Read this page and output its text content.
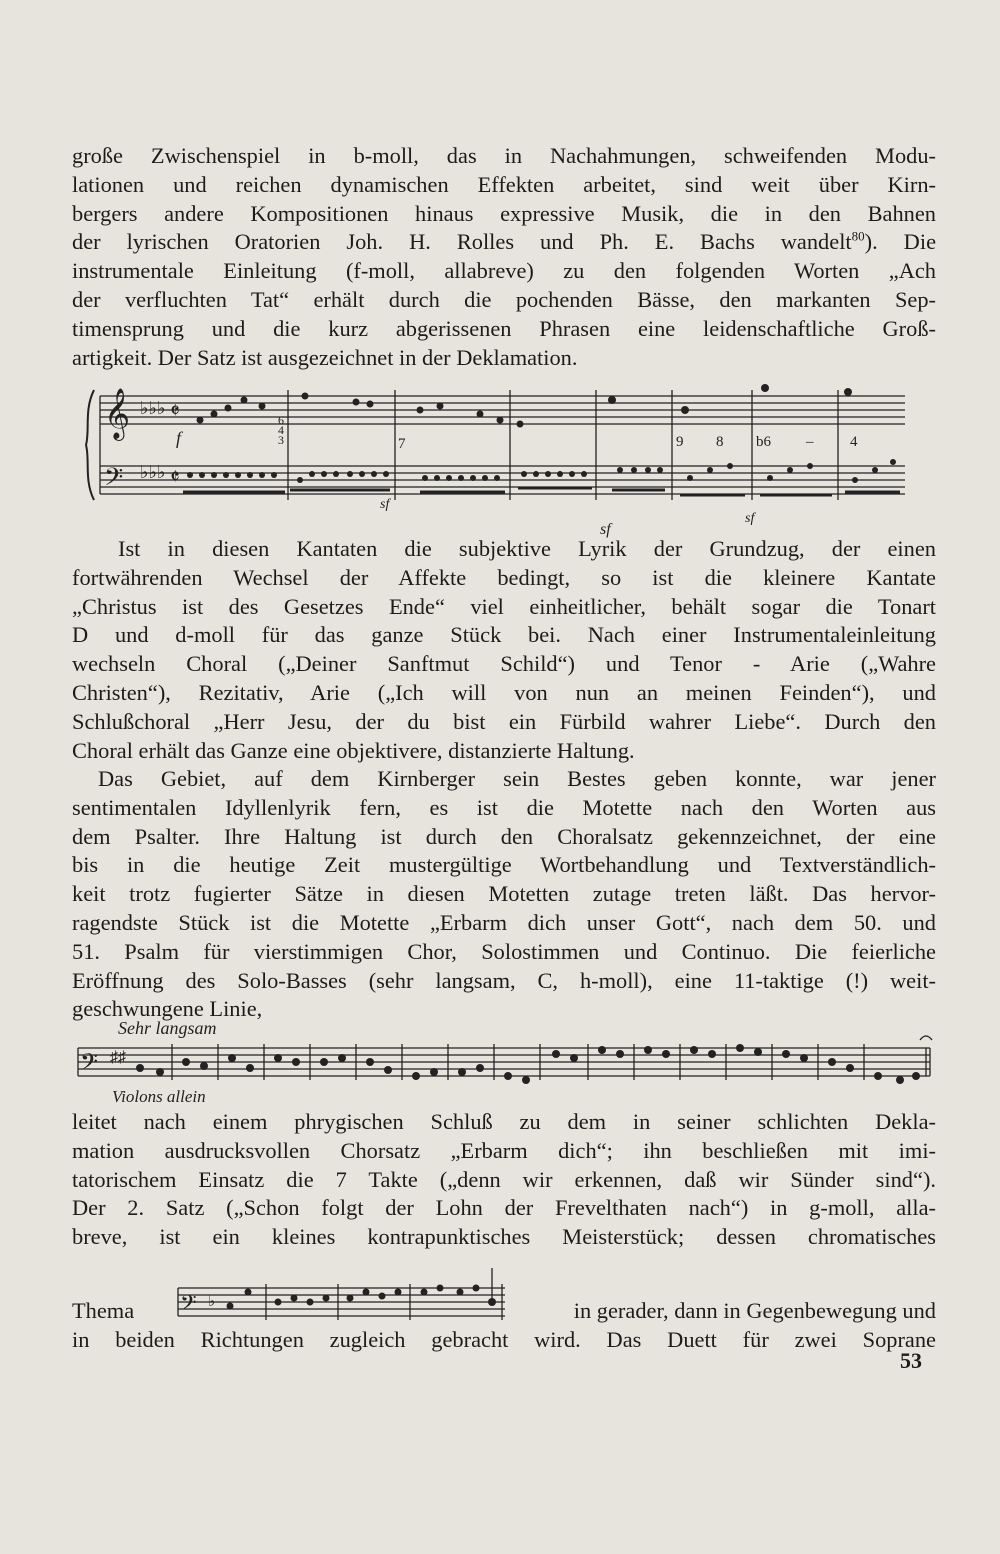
große Zwischenspiel in b-moll, das in Nachahmungen, schweifenden Modu-
lationen und reichen dynamischen Effekten arbeitet, sind weit über Kirn-
bergers andere Kompositionen hinaus expressive Musik, die in den Bahnen
der lyrischen Oratorien Joh. H. Rolles und Ph. E. Bachs wandelt$^{80}$). Die
instrumentale Einleitung (f-moll, allabreve) zu den folgenden Worten „Ach
der verfluchten Tat“ erhält durch die pochenden Bässe, den markanten Sep-
timensprung und die kurz abgerissenen Phrasen eine leidenschaftliche Groß-
artigkeit. Der Satz ist ausgezeichnet in der Deklamation.
𝄞
𝄢
♭♭♭
♭♭♭
𝄵
𝄵
f
sf
sf
sf
7	9 8 b6 – 4
6
4
3
Ist in diesen Kantaten die subjektive Lyrik der Grundzug, der einen
fortwährenden Wechsel der Affekte bedingt, so ist die kleinere Kantate
„Christus ist des Gesetzes Ende“ viel einheitlicher, behält sogar die Tonart
D und d-moll für das ganze Stück bei. Nach einer Instrumentaleinleitung
wechseln Choral („Deiner Sanftmut Schild“) und Tenor - Arie („Wahre
Christen“), Rezitativ, Arie („Ich will von nun an meinen Feinden“), und
Schlußchoral „Herr Jesu, der du bist ein Fürbild wahrer Liebe“. Durch den
Choral erhält das Ganze eine objektivere, distanzierte Haltung.
Das Gebiet, auf dem Kirnberger sein Bestes geben konnte, war jener
sentimentalen Idyllenlyrik fern, es ist die Motette nach den Worten aus
dem Psalter. Ihre Haltung ist durch den Choralsatz gekennzeichnet, der eine
bis in die heutige Zeit mustergültige Wortbehandlung und Textverständlich-
keit trotz fugierter Sätze in diesen Motetten zutage treten läßt. Das hervor-
ragendste Stück ist die Motette „Erbarm dich unser Gott“, nach dem 50. und
51. Psalm für vierstimmigen Chor, Solostimmen und Continuo. Die feierliche
Eröffnung des Solo-Basses (sehr langsam, C, h-moll), eine 11-taktige (!) weit-
geschwungene Linie,
Sehr langsam
𝄢 ♯♯
Violons allein
leitet nach einem phrygischen Schluß zu dem in seiner schlichten Dekla-
mation ausdrucksvollen Chorsatz „Erbarm dich“; ihn beschließen mit imi-
tatorischem Einsatz die 7 Takte („denn wir erkennen, daß wir Sünder sind“).
Der 2. Satz („Schon folgt der Lohn der Frevelthaten nach“) in g-moll, alla-
breve, ist ein kleines kontrapunktisches Meisterstück; dessen chromatisches
𝄢 ♭
Thema	in gerader, dann in Gegenbewegung und
in beiden Richtungen zugleich gebracht wird. Das Duett für zwei Soprane
53
